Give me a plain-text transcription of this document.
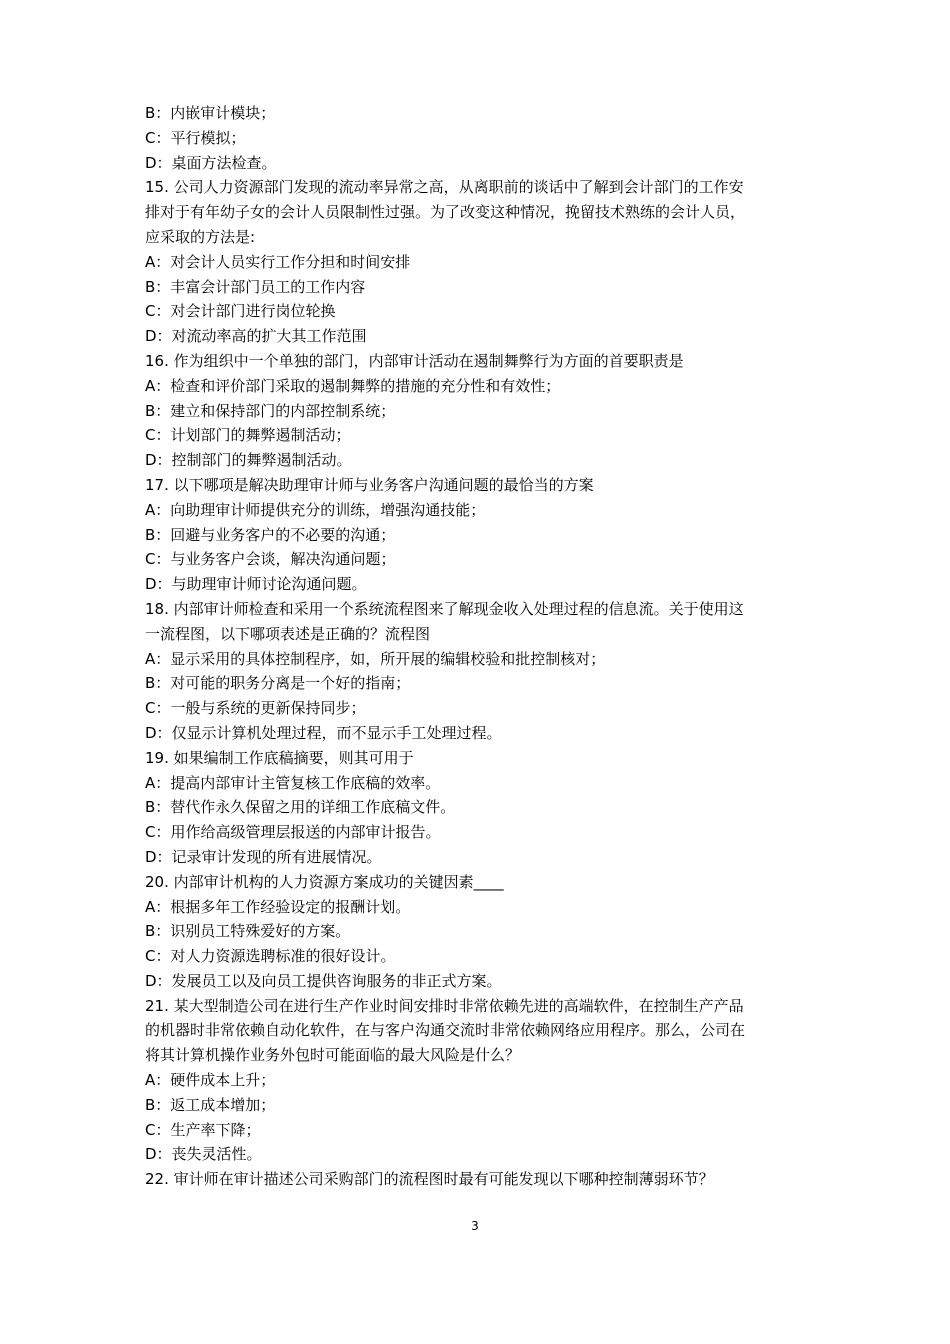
B：内嵌审计模块；
C：平行模拟；
D：桌面方法检查。
15. 公司人力资源部门发现的流动率异常之高，从离职前的谈话中了解到会计部门的工作安
排对于有年幼子女的会计人员限制性过强。为了改变这种情况，挽留技术熟练的会计人员，
应采取的方法是:
A：对会计人员实行工作分担和时间安排
B：丰富会计部门员工的工作内容
C：对会计部门进行岗位轮换
D：对流动率高的扩大其工作范围
16. 作为组织中一个单独的部门，内部审计活动在遏制舞弊行为方面的首要职责是
A：检查和评价部门采取的遏制舞弊的措施的充分性和有效性；
B：建立和保持部门的内部控制系统；
C：计划部门的舞弊遏制活动；
D：控制部门的舞弊遏制活动。
17. 以下哪项是解决助理审计师与业务客户沟通问题的最恰当的方案
A：向助理审计师提供充分的训练，增强沟通技能；
B：回避与业务客户的不必要的沟通；
C：与业务客户会谈，解决沟通问题；
D：与助理审计师讨论沟通问题。
18. 内部审计师检查和采用一个系统流程图来了解现金收入处理过程的信息流。关于使用这
一流程图，以下哪项表述是正确的？流程图
A：显示采用的具体控制程序，如，所开展的编辑校验和批控制核对；
B：对可能的职务分离是一个好的指南；
C：一般与系统的更新保持同步；
D：仅显示计算机处理过程，而不显示手工处理过程。
19. 如果编制工作底稿摘要，则其可用于
A：提高内部审计主管复核工作底稿的效率。
B：替代作永久保留之用的详细工作底稿文件。
C：用作给高级管理层报送的内部审计报告。
D：记录审计发现的所有进展情况。
20. 内部审计机构的人力资源方案成功的关键因素____
A：根据多年工作经验设定的报酬计划。
B：识别员工特殊爱好的方案。
C：对人力资源选聘标准的很好设计。
D：发展员工以及向员工提供咨询服务的非正式方案。
21. 某大型制造公司在进行生产作业时间安排时非常依赖先进的高端软件，在控制生产产品
的机器时非常依赖自动化软件，在与客户沟通交流时非常依赖网络应用程序。那么，公司在
将其计算机操作业务外包时可能面临的最大风险是什么？
A：硬件成本上升；
B：返工成本增加；
C：生产率下降；
D：丧失灵活性。
22. 审计师在审计描述公司采购部门的流程图时最有可能发现以下哪种控制薄弱环节？
3
